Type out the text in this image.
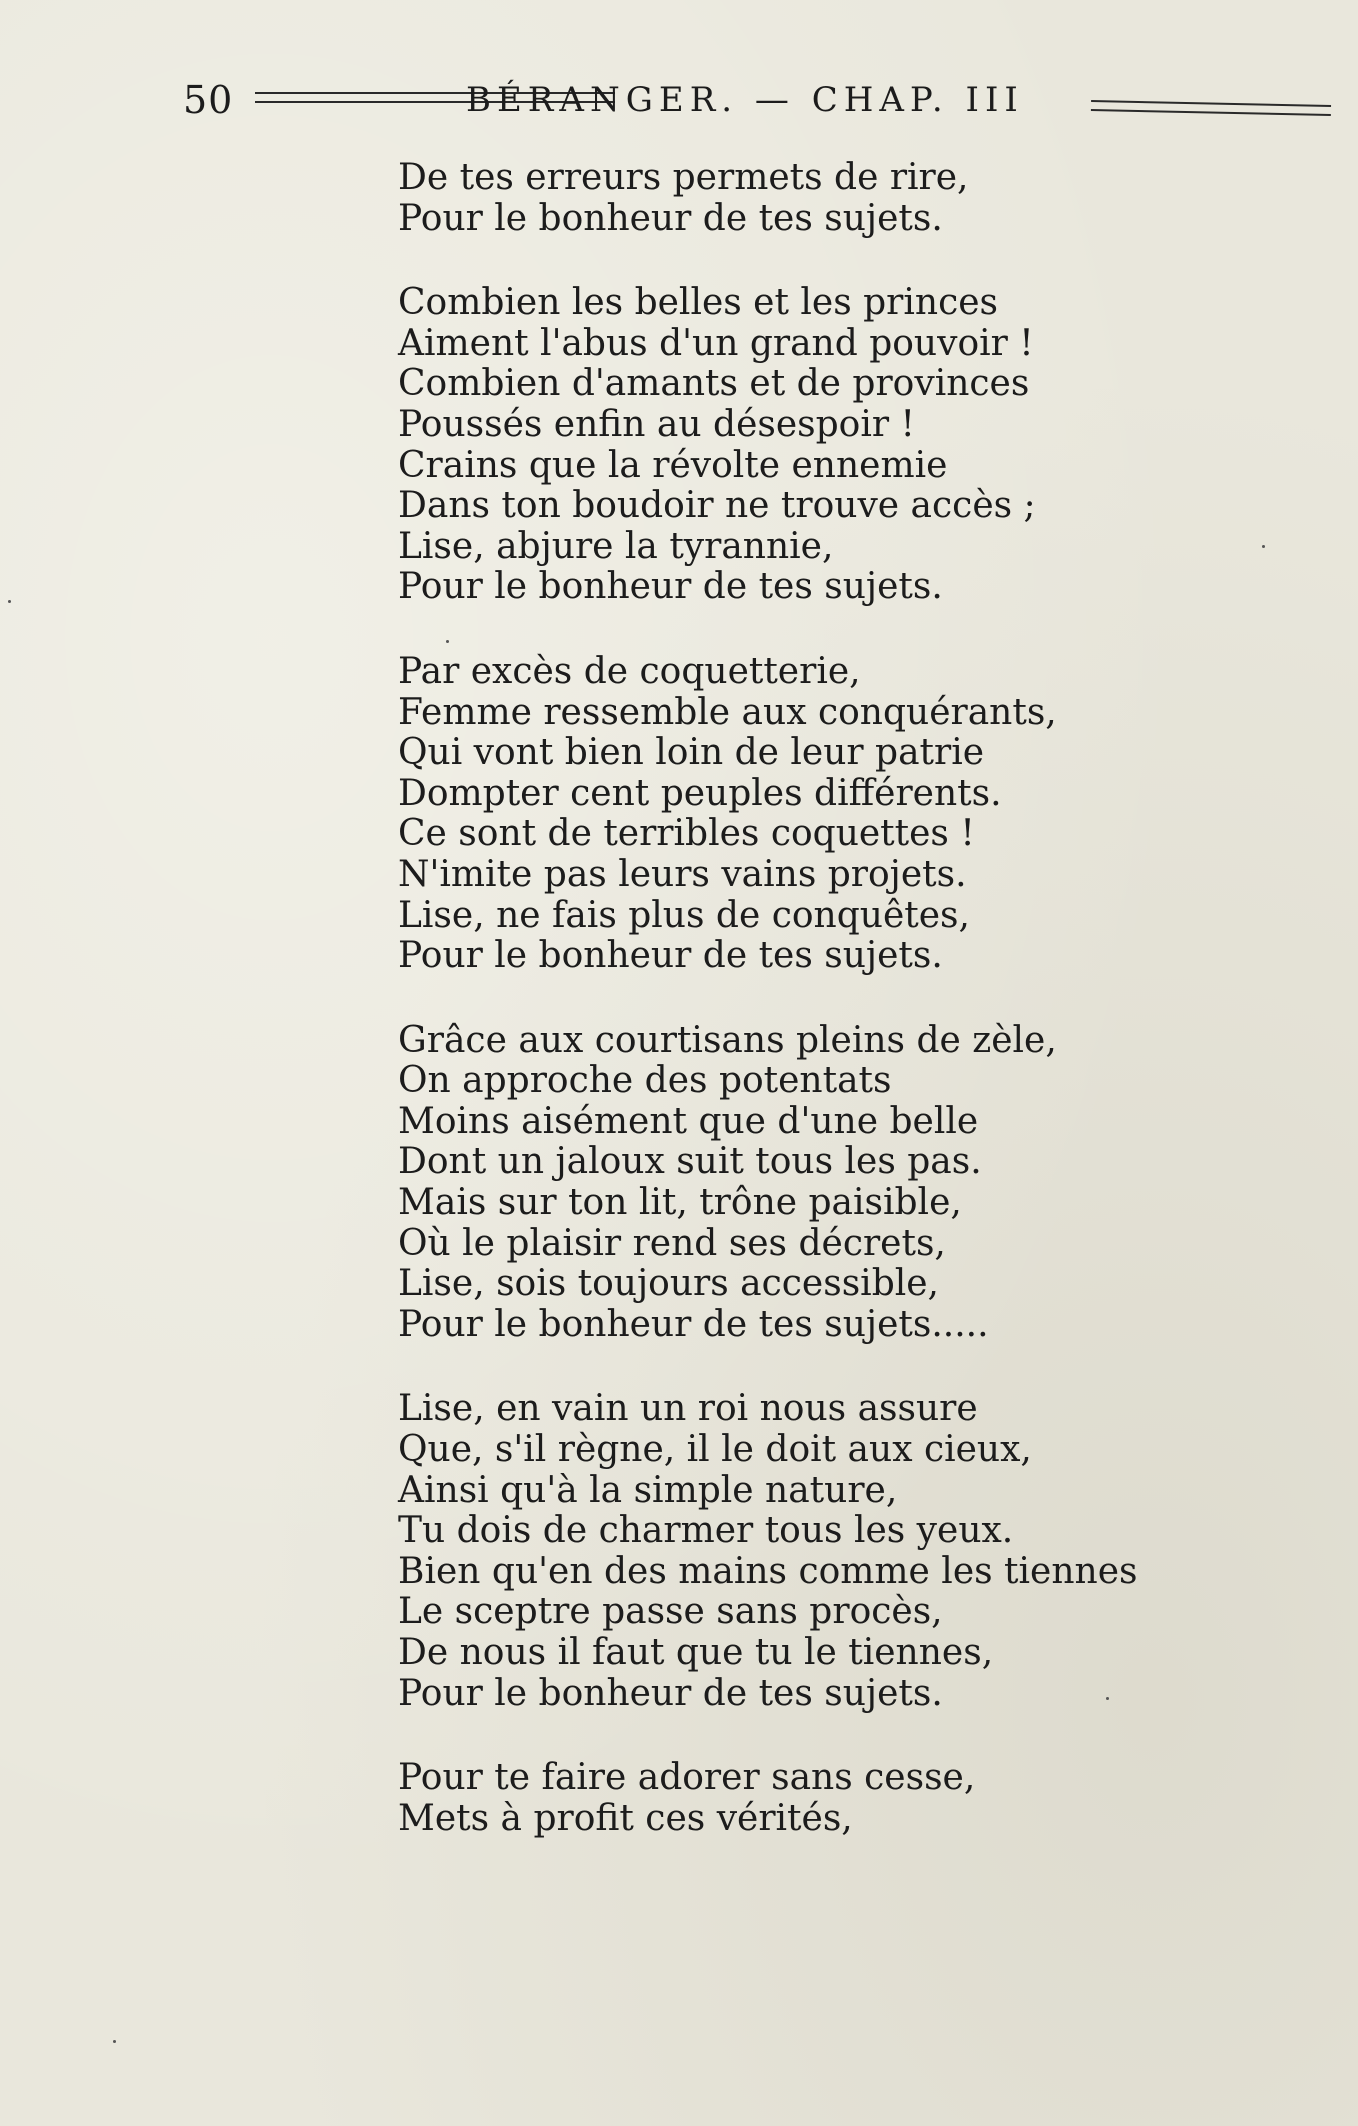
50	BÉRANGER. — CHAP. III
De tes erreurs permets de rire,
Pour le bonheur de tes sujets.
Combien les belles et les princes
Aiment l'abus d'un grand pouvoir !
Combien d'amants et de provinces
Poussés enfin au désespoir !
Crains que la révolte ennemie
Dans ton boudoir ne trouve accès ;
Lise, abjure la tyrannie,
Pour le bonheur de tes sujets.
Par excès de coquetterie,
Femme ressemble aux conquérants,
Qui vont bien loin de leur patrie
Dompter cent peuples différents.
Ce sont de terribles coquettes !
N'imite pas leurs vains projets.
Lise, ne fais plus de conquêtes,
Pour le bonheur de tes sujets.
Grâce aux courtisans pleins de zèle,
On approche des potentats
Moins aisément que d'une belle
Dont un jaloux suit tous les pas.
Mais sur ton lit, trône paisible,
Où le plaisir rend ses décrets,
Lise, sois toujours accessible,
Pour le bonheur de tes sujets.....
Lise, en vain un roi nous assure
Que, s'il règne, il le doit aux cieux,
Ainsi qu'à la simple nature,
Tu dois de charmer tous les yeux.
Bien qu'en des mains comme les tiennes
Le sceptre passe sans procès,
De nous il faut que tu le tiennes,
Pour le bonheur de tes sujets.
Pour te faire adorer sans cesse,
Mets à profit ces vérités,
